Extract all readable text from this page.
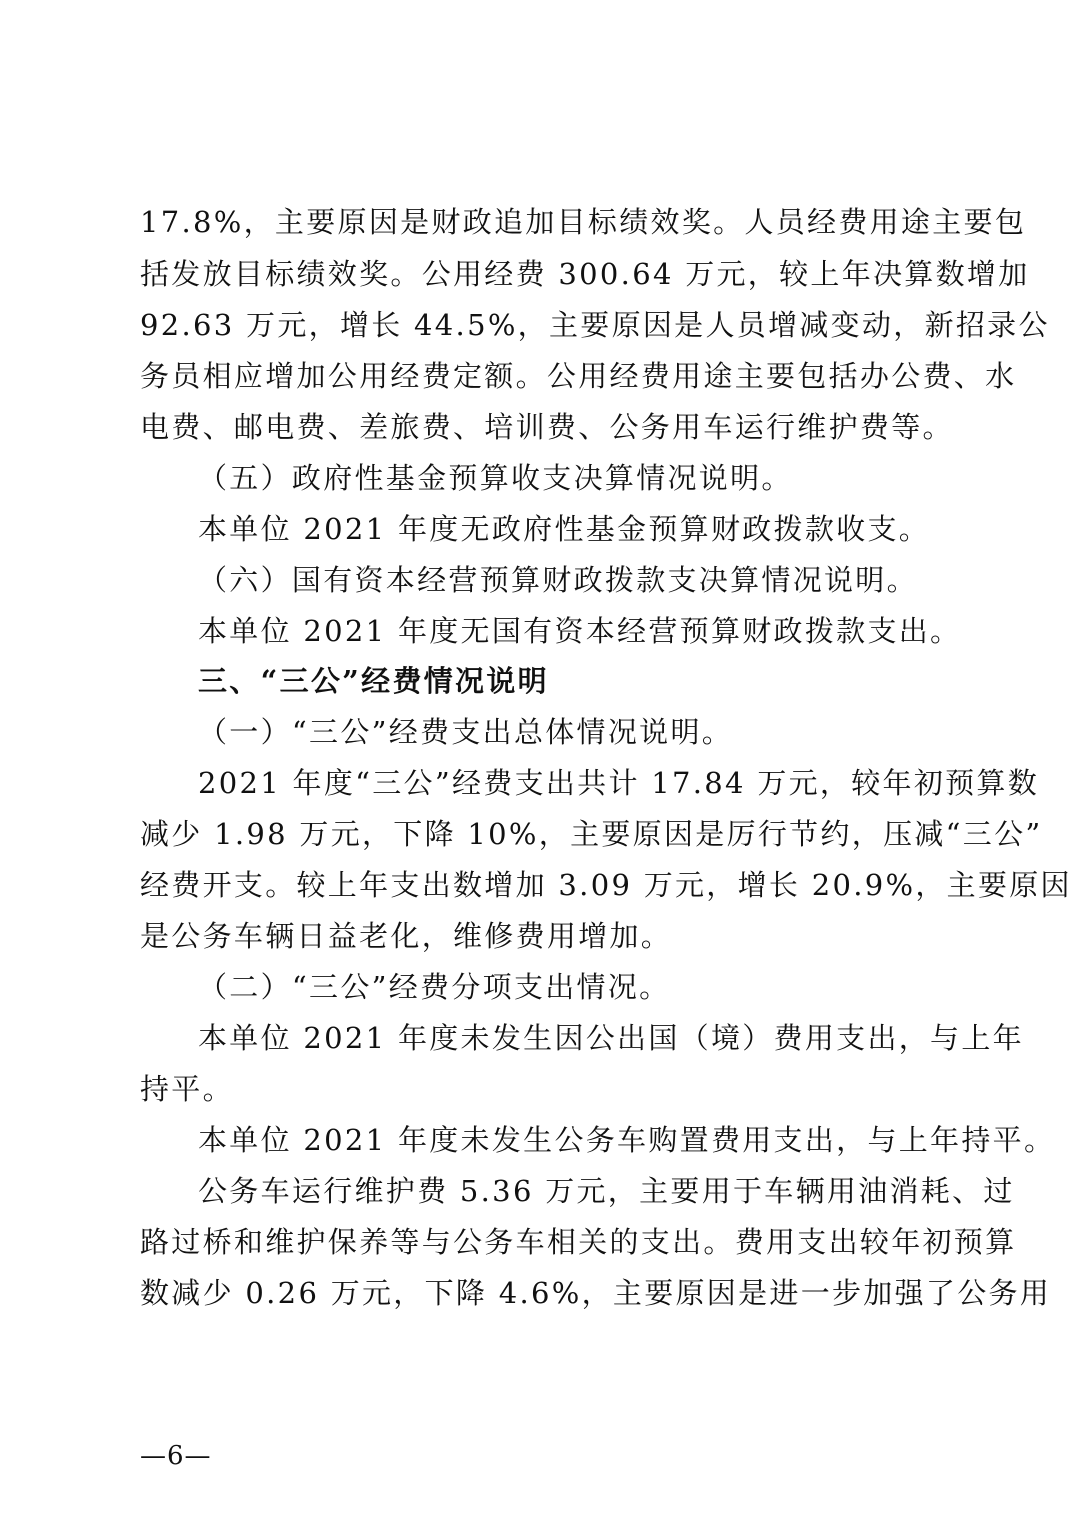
17.8%，主要原因是财政追加目标绩效奖。人员经费用途主要包
括发放目标绩效奖。公用经费 300.64 万元，较上年决算数增加
92.63 万元，增长 44.5%，主要原因是人员增减变动，新招录公
务员相应增加公用经费定额。公用经费用途主要包括办公费、水
电费、邮电费、差旅费、培训费、公务用车运行维护费等。
（五）政府性基金预算收支决算情况说明。
本单位 2021 年度无政府性基金预算财政拨款收支。
（六）国有资本经营预算财政拨款支决算情况说明。
本单位 2021 年度无国有资本经营预算财政拨款支出。
三、“三公”经费情况说明
（一）“三公”经费支出总体情况说明。
2021 年度“三公”经费支出共计 17.84 万元，较年初预算数
减少 1.98 万元，下降 10%，主要原因是厉行节约，压减“三公”
经费开支。较上年支出数增加 3.09 万元，增长 20.9%，主要原因
是公务车辆日益老化，维修费用增加。
（二）“三公”经费分项支出情况。
本单位 2021 年度未发生因公出国（境）费用支出，与上年
持平。
本单位 2021 年度未发生公务车购置费用支出，与上年持平。
公务车运行维护费 5.36 万元，主要用于车辆用油消耗、过
路过桥和维护保养等与公务车相关的支出。费用支出较年初预算
数减少 0.26 万元，下降 4.6%，主要原因是进一步加强了公务用
—6—
